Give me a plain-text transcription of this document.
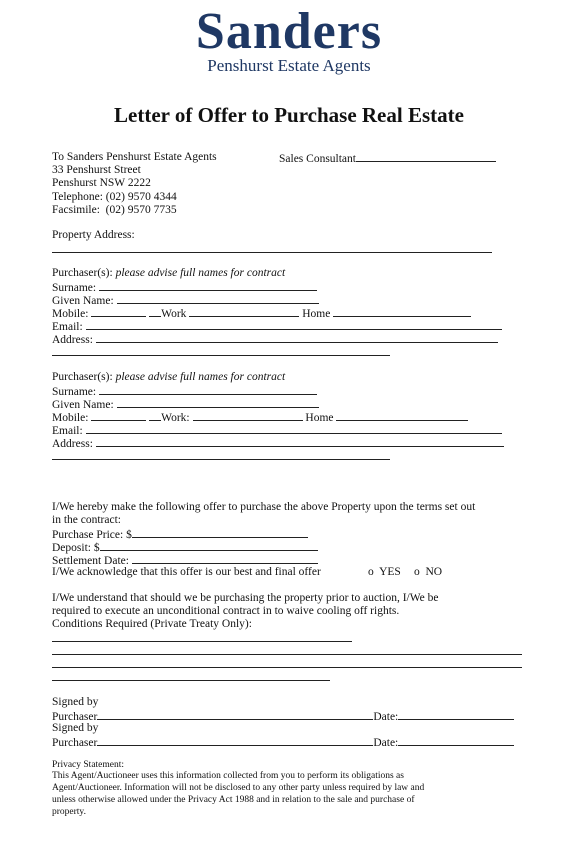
Sanders
Penshurst Estate Agents
Letter of Offer to Purchase Real Estate
To Sanders Penshurst Estate Agents	Sales Consultant
33 Penshurst Street
Penshurst NSW 2222
Telephone: (02) 9570 4344
Facsimile:  (02) 9570 7735
Property Address:
Purchaser(s): please advise full names for contract
Surname:
Given Name:
Mobile:	Work	Home
Email:
Address:
Purchaser(s): please advise full names for contract
Surname:
Given Name:
Mobile:	Work:	Home
Email:
Address:
I/We hereby make the following offer to purchase the above Property upon the terms set out
in the contract:
Purchase Price: $
Deposit: $
Settlement Date:
I/We acknowledge that this offer is our best and final offer	o YES o NO
I/We understand that should we be purchasing the property prior to auction, I/We be
required to execute an unconditional contract in to waive cooling off rights.
Conditions Required (Private Treaty Only):
Signed by
Purchaser	Date:
Signed by
Purchaser	Date:
Privacy Statement:
This Agent/Auctioneer uses this information collected from you to perform its obligations as
Agent/Auctioneer. Information will not be disclosed to any other party unless required by law and
unless otherwise allowed under the Privacy Act 1988 and in relation to the sale and purchase of
property.
